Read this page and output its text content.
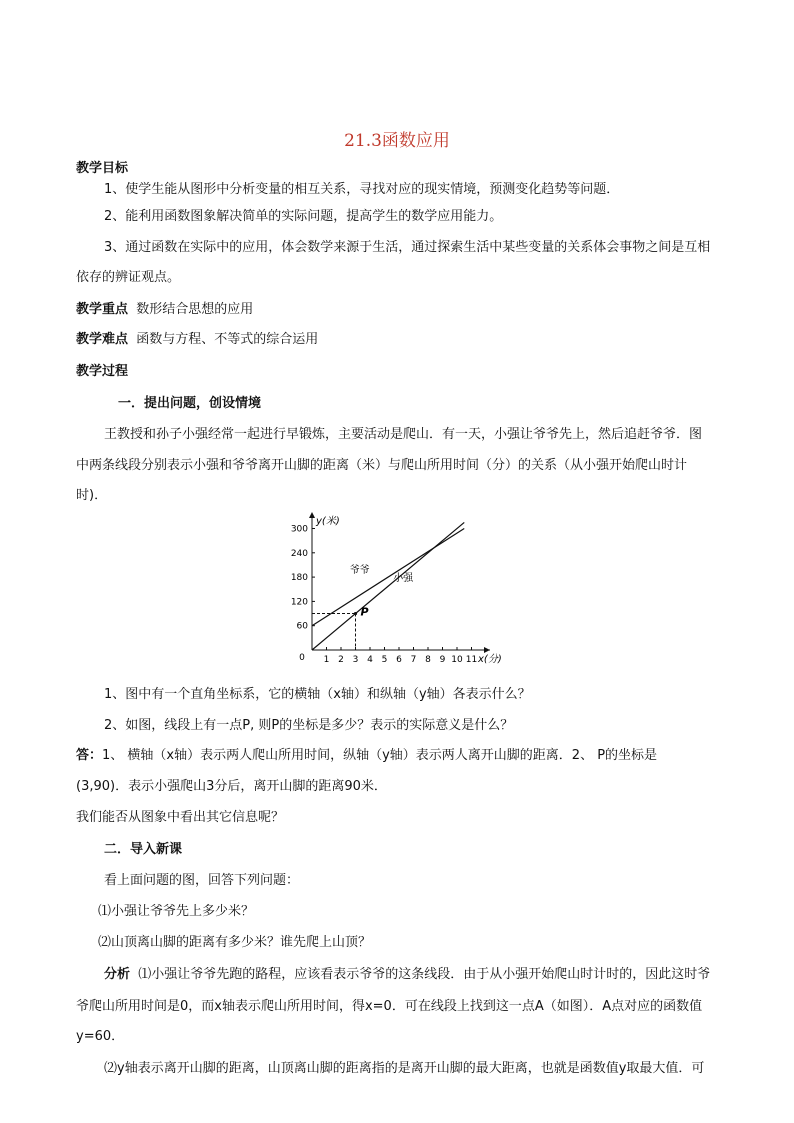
21.3函数应用
教学目标
1、使学生能从图形中分析变量的相互关系，寻找对应的现实情境，预测变化趋势等问题．
2、能利用函数图象解决简单的实际问题，提高学生的数学应用能力。
3、通过函数在实际中的应用，体会数学来源于生活，通过探索生活中某些变量的关系体会事物之间是互相
依存的辨证观点。
教学重点 数形结合思想的应用
教学难点 函数与方程、不等式的综合运用
教学过程
一．提出问题，创设情境
王教授和孙子小强经常一起进行早锻炼，主要活动是爬山．有一天，小强让爷爷先上，然后追赶爷爷．图
中两条线段分别表示小强和爷爷离开山脚的距离（米）与爬山所用时间（分）的关系（从小强开始爬山时计
时)．
1 2 3 4 5 6 7 8 9 10 11
60
120
180
240
300
0	x(分)
y(米)
爷爷
小强
P
1、图中有一个直角坐标系，它的横轴（x轴）和纵轴（y轴）各表示什么？
2、如图，线段上有一点P, 则P的坐标是多少？表示的实际意义是什么？
答：1、 横轴（x轴）表示两人爬山所用时间，纵轴（y轴）表示两人离开山脚的距离．2、 P的坐标是
(3,90)．表示小强爬山3分后，离开山脚的距离90米．
我们能否从图象中看出其它信息呢？
二．导入新课
看上面问题的图，回答下列问题：
⑴小强让爷爷先上多少米？
⑵山顶离山脚的距离有多少米？谁先爬上山顶？
分析 ⑴小强让爷爷先跑的路程，应该看表示爷爷的这条线段．由于从小强开始爬山时计时的，因此这时爷
爷爬山所用时间是0，而x轴表示爬山所用时间，得x=0．可在线段上找到这一点A（如图）．A点对应的函数值
y=60．
⑵y轴表示离开山脚的距离，山顶离山脚的距离指的是离开山脚的最大距离，也就是函数值y取最大值．可
